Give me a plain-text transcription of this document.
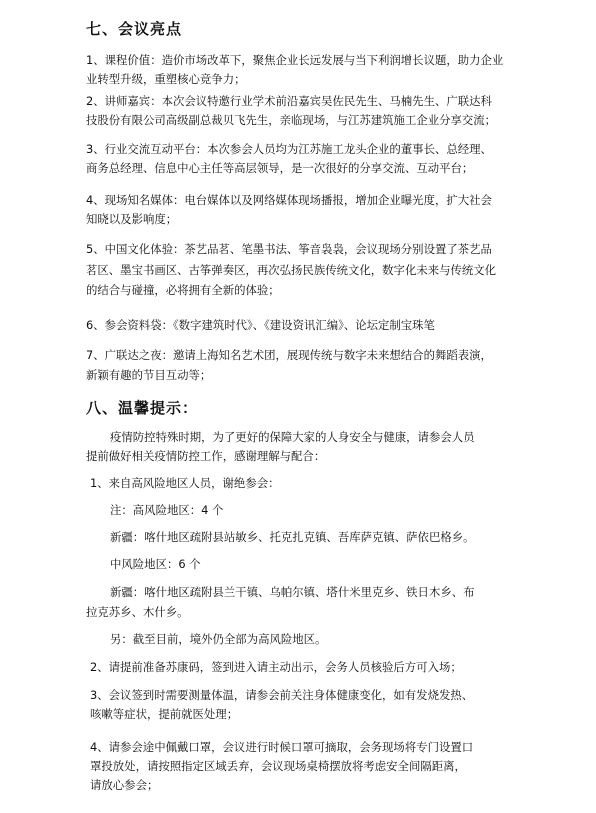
七、会议亮点
1、课程价值：造价市场改革下，聚焦企业长远发展与当下利润增长议题，助力企业
业转型升级，重塑核心竞争力；
2、讲师嘉宾：本次会议特邀行业学术前沿嘉宾吴佐民先生、马楠先生、广联达科
技股份有限公司高级副总裁贝飞先生，亲临现场，与江苏建筑施工企业分享交流；
3、行业交流互动平台：本次参会人员均为江苏施工龙头企业的董事长、总经理、
商务总经理、信息中心主任等高层领导，是一次很好的分享交流、互动平台；
4、现场知名媒体：电台媒体以及网络媒体现场播报，增加企业曝光度，扩大社会
知晓以及影响度；
5、中国文化体验：茶艺品茗、笔墨书法、筝音袅袅，会议现场分别设置了茶艺品
茗区、墨宝书画区、古筝弹奏区，再次弘扬民族传统文化，数字化未来与传统文化
的结合与碰撞，必将拥有全新的体验；
6、参会资料袋：《数字建筑时代》、《建设资讯汇编》、论坛定制宝珠笔
7、广联达之夜：邀请上海知名艺术团，展现传统与数字未来想结合的舞蹈表演，
新颖有趣的节目互动等；
八、温馨提示：
疫情防控特殊时期，为了更好的保障大家的人身安全与健康，请参会人员
提前做好相关疫情防控工作，感谢理解与配合：
1、来自高风险地区人员，谢绝参会：
注：高风险地区：4 个
新疆：喀什地区疏附县站敏乡、托克扎克镇、吾库萨克镇、萨依巴格乡。
中风险地区：6 个
新疆：喀什地区疏附县兰干镇、乌帕尔镇、塔什米里克乡、铁日木乡、布
拉克苏乡、木什乡。
另：截至目前，境外仍全部为高风险地区。
2、请提前准备苏康码，签到进入请主动出示，会务人员核验后方可入场；
3、会议签到时需要测量体温，请参会前关注身体健康变化，如有发烧发热、
咳嗽等症状，提前就医处理；
4、请参会途中佩戴口罩，会议进行时候口罩可摘取，会务现场将专门设置口
罩投放处，请按照指定区域丢弃，会议现场桌椅摆放将考虑安全间隔距离，
请放心参会；
